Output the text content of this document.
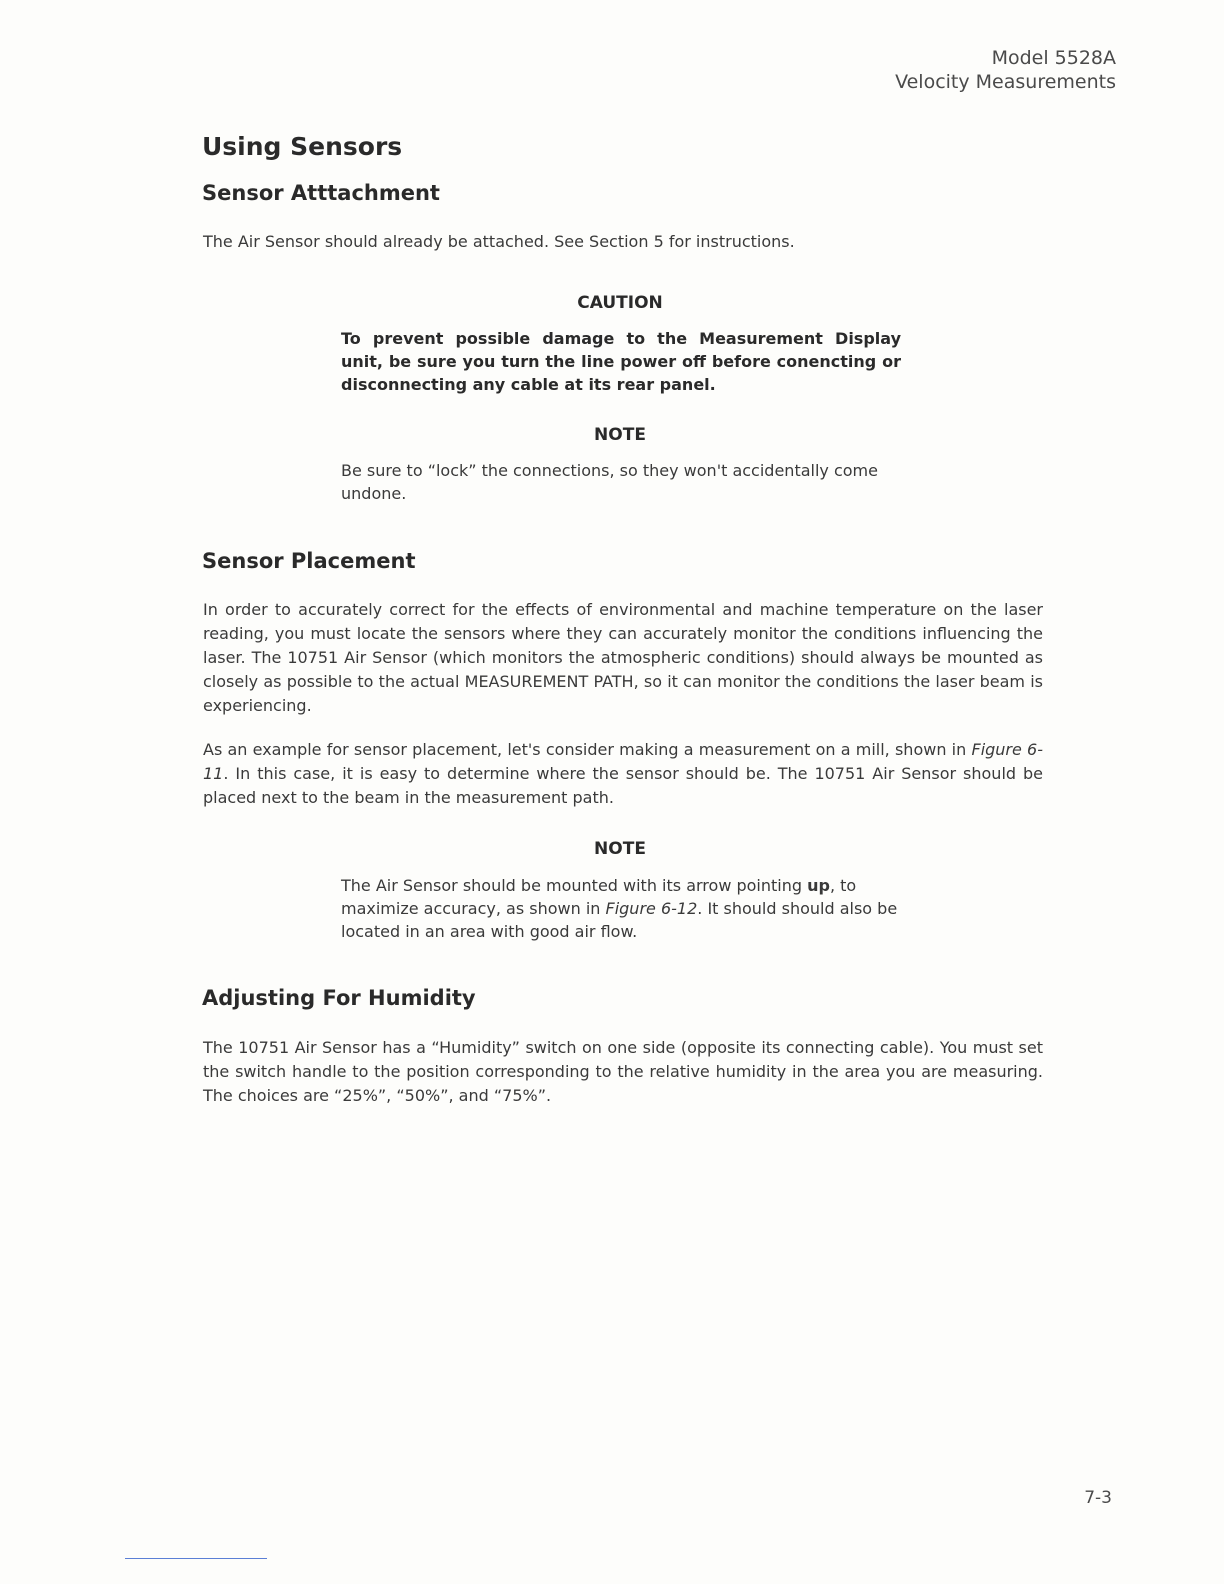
Model 5528A
Velocity Measurements
Using Sensors
Sensor Atttachment

The Air Sensor should already be attached. See Section 5 for instructions.

CAUTION

To prevent possible damage to the Measurement Display unit, be sure you turn the line power off before conencting or disconnecting any cable at its rear panel.

NOTE

Be sure to “lock” the connections, so they won't accidentally come undone.

Sensor Placement

In order to accurately correct for the effects of environmental and machine temperature on the laser reading, you must locate the sensors where they can accurately monitor the conditions influencing the laser. The 10751 Air Sensor (which monitors the atmospheric conditions) should always be mounted as closely as possible to the actual MEASUREMENT PATH, so it can monitor the conditions the laser beam is experiencing.

As an example for sensor placement, let's consider making a measurement on a mill, shown in Figure 6-11. In this case, it is easy to determine where the sensor should be. The 10751 Air Sensor should be placed next to the beam in the measurement path.

NOTE

The Air Sensor should be mounted with its arrow pointing up, to maximize accuracy, as shown in Figure 6-12. It should should also be located in an area with good air flow.

Adjusting For Humidity

The 10751 Air Sensor has a “Humidity” switch on one side (opposite its connecting cable). You must set the switch handle to the position corresponding to the relative humidity in the area you are measuring. The choices are “25%”, “50%”, and “75%”.

7-3
